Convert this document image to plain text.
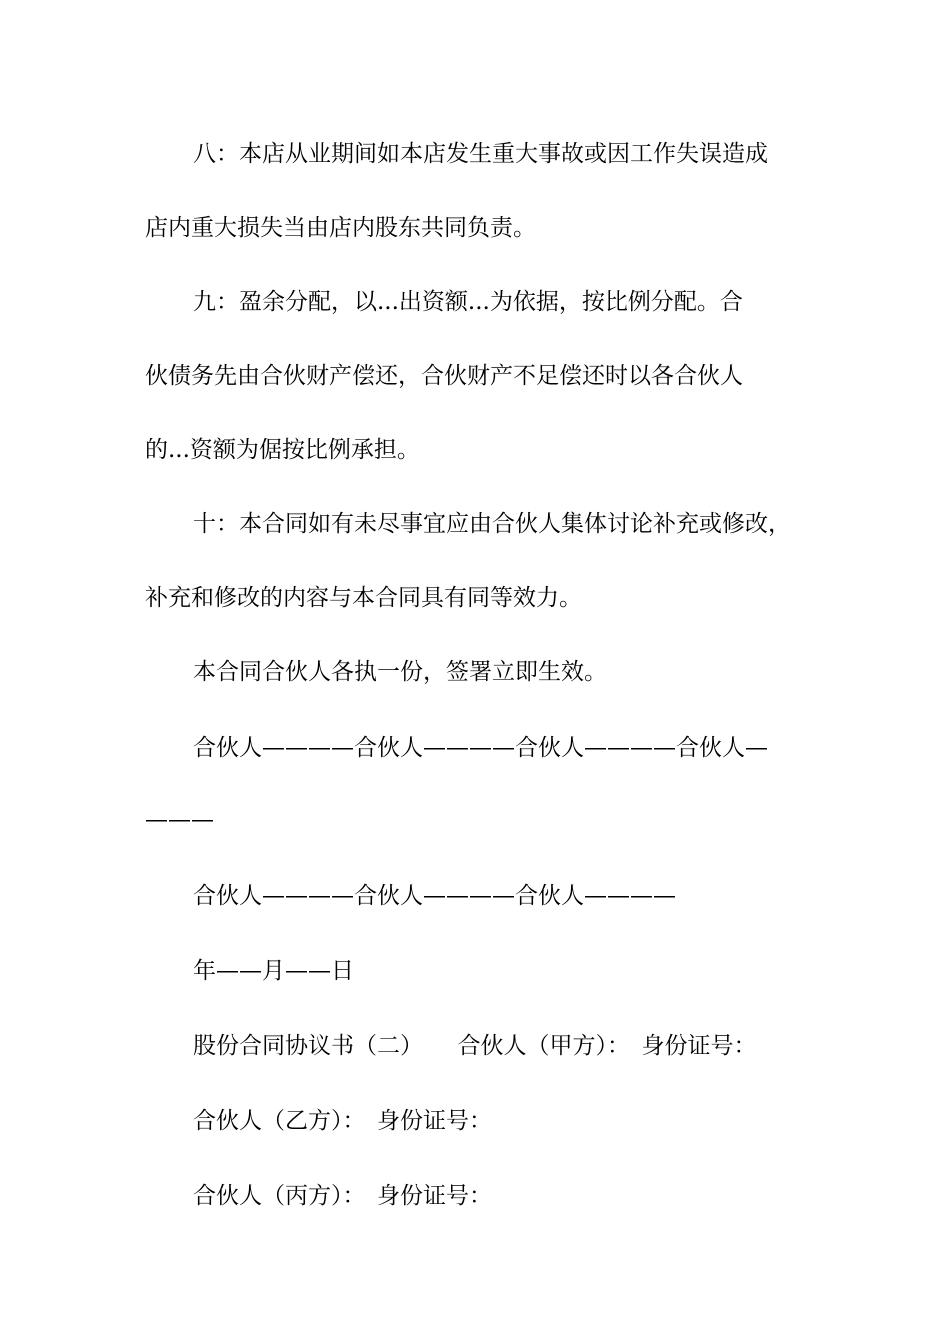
八：本店从业期间如本店发生重大事故或因工作失误造成
店内重大损失当由店内股东共同负责。
九：盈余分配，以...出资额...为依据，按比例分配。合
伙债务先由合伙财产偿还，合伙财产不足偿还时以各合伙人
的...资额为倨按比例承担。
十：本合同如有未尽事宜应由合伙人集体讨论补充或修改，
补充和修改的内容与本合同具有同等效力。
本合同合伙人各执一份，签署立即生效。
合伙人————合伙人————合伙人————合伙人—
———
合伙人————合伙人————合伙人————
年——月——日
股份合同协议书（二）　　合伙人（甲方）：　身份证号：
合伙人（乙方）：　身份证号：
合伙人（丙方）：　身份证号：
